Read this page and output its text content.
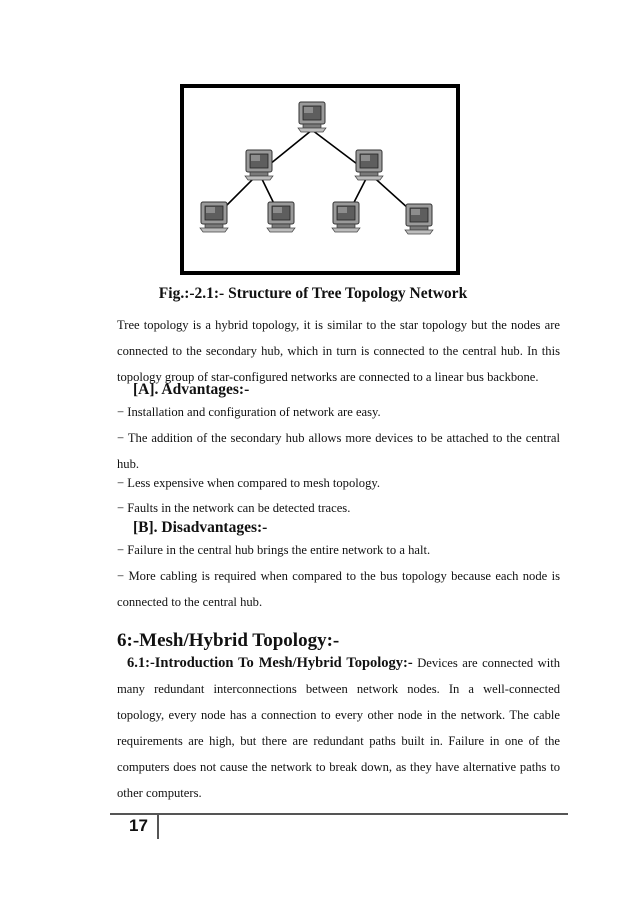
Fig.:-2.1:- Structure of Tree Topology Network

Tree topology is a hybrid topology, it is similar to the star topology but the nodes are connected to the secondary hub, which in turn is connected to the central hub. In this topology group of star-configured networks are connected to a linear bus backbone.

[A]. Advantages:-

− Installation and configuration of network are easy.

− The addition of the secondary hub allows more devices to be attached to the central hub.

− Less expensive when compared to mesh topology.

− Faults in the network can be detected traces.

[B]. Disadvantages:-

− Failure in the central hub brings the entire network to a halt.

− More cabling is required when compared to the bus topology because each node is connected to the central hub.

6:-Mesh/Hybrid Topology:-

6.1:-Introduction To Mesh/Hybrid Topology:- Devices are connected with many redundant interconnections between network nodes. In a well-connected topology, every node has a connection to every other node in the network. The cable requirements are high, but there are redundant paths built in. Failure in one of the computers does not cause the network to break down, as they have alternative paths to other computers.

17
